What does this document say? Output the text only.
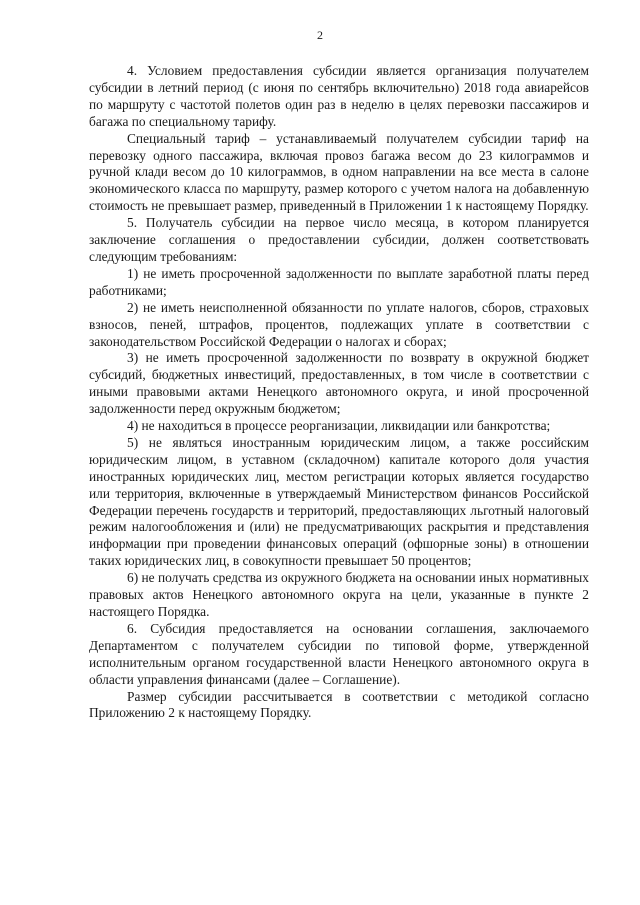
2

4. Условием предоставления субсидии является организация получателем субсидии в летний период (с июня по сентябрь включительно) 2018 года авиарейсов по маршруту с частотой полетов один раз в неделю в целях перевозки пассажиров и багажа по специальному тарифу.

Специальный тариф – устанавливаемый получателем субсидии тариф на перевозку одного пассажира, включая провоз багажа весом до 23 килограммов и ручной клади весом до 10 килограммов, в одном направлении на все места в салоне экономического класса по маршруту, размер которого с учетом налога на добавленную стоимость не превышает размер, приведенный в Приложении 1 к настоящему Порядку.

5. Получатель субсидии на первое число месяца, в котором планируется заключение соглашения о предоставлении субсидии, должен соответствовать следующим требованиям:

1) не иметь просроченной задолженности по выплате заработной платы перед работниками;

2) не иметь неисполненной обязанности по уплате налогов, сборов, страховых взносов, пеней, штрафов, процентов, подлежащих уплате в соответствии с законодательством Российской Федерации о налогах и сборах;

3) не иметь просроченной задолженности по возврату в окружной бюджет субсидий, бюджетных инвестиций, предоставленных, в том числе в соответствии с иными правовыми актами Ненецкого автономного округа, и иной просроченной задолженности перед окружным бюджетом;

4) не находиться в процессе реорганизации, ликвидации или банкротства;

5) не являться иностранным юридическим лицом, а также российским юридическим лицом, в уставном (складочном) капитале которого доля участия иностранных юридических лиц, местом регистрации которых является государство или территория, включенные в утверждаемый Министерством финансов Российской Федерации перечень государств и территорий, предоставляющих льготный налоговый режим налогообложения и (или) не предусматривающих раскрытия и представления информации при проведении финансовых операций (офшорные зоны) в отношении таких юридических лиц, в совокупности превышает 50 процентов;

6) не получать средства из окружного бюджета на основании иных нормативных правовых актов Ненецкого автономного округа на цели, указанные в пункте 2 настоящего Порядка.

6. Субсидия предоставляется на основании соглашения, заключаемого Департаментом с получателем субсидии по типовой форме, утвержденной исполнительным органом государственной власти Ненецкого автономного округа в области управления финансами (далее – Соглашение).

Размер субсидии рассчитывается в соответствии с методикой согласно Приложению 2 к настоящему Порядку.
